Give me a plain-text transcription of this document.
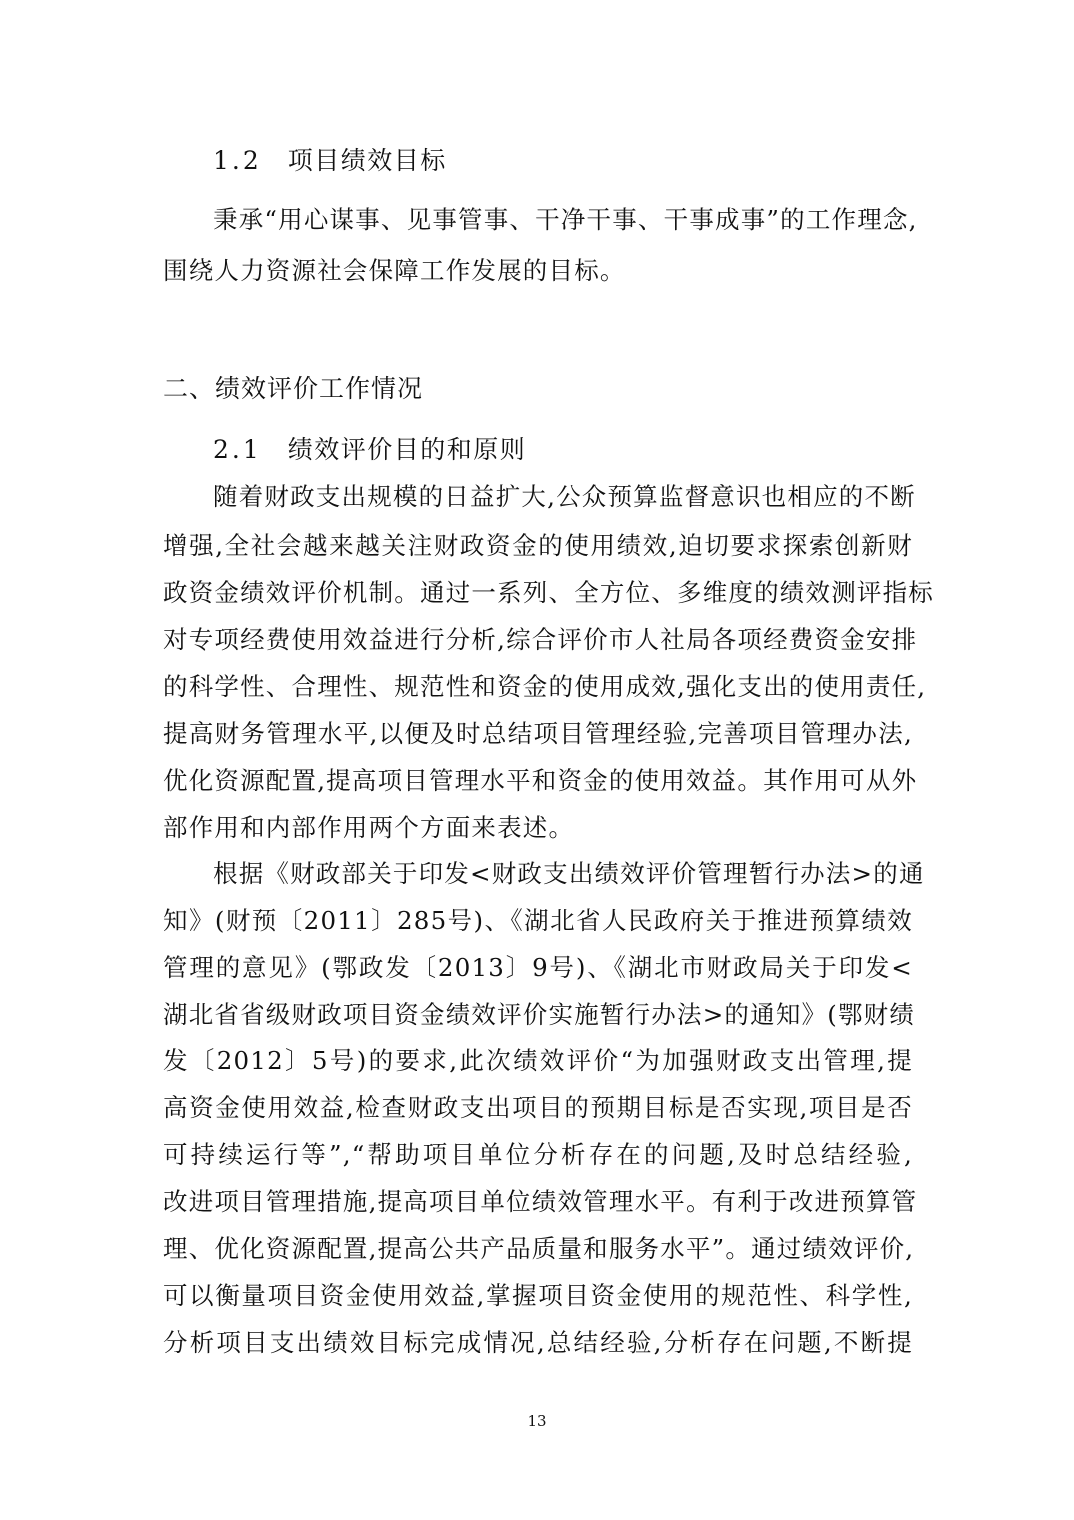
1.2 项目绩效目标
秉承“用心谋事、见事管事、干净干事、干事成事”的工作理念,
围绕人力资源社会保障工作发展的目标。
二、绩效评价工作情况
2.1 绩效评价目的和原则
随着财政支出规模的日益扩大,公众预算监督意识也相应的不断
增强,全社会越来越关注财政资金的使用绩效,迫切要求探索创新财
政资金绩效评价机制。通过一系列、全方位、多维度的绩效测评指标
对专项经费使用效益进行分析,综合评价市人社局各项经费资金安排
的科学性、合理性、规范性和资金的使用成效,强化支出的使用责任,
提高财务管理水平,以便及时总结项目管理经验,完善项目管理办法,
优化资源配置,提高项目管理水平和资金的使用效益。其作用可从外
部作用和内部作用两个方面来表述。
根据《财政部关于印发<财政支出绩效评价管理暂行办法>的通
知》(财预〔2011〕285号)、《湖北省人民政府关于推进预算绩效
管理的意见》(鄂政发〔2013〕9号)、《湖北市财政局关于印发<
湖北省省级财政项目资金绩效评价实施暂行办法>的通知》(鄂财绩
发〔2012〕5号)的要求,此次绩效评价“为加强财政支出管理,提
高资金使用效益,检查财政支出项目的预期目标是否实现,项目是否
可持续运行等”,“帮助项目单位分析存在的问题,及时总结经验,
改进项目管理措施,提高项目单位绩效管理水平。有利于改进预算管
理、优化资源配置,提高公共产品质量和服务水平”。通过绩效评价,
可以衡量项目资金使用效益,掌握项目资金使用的规范性、科学性,
分析项目支出绩效目标完成情况,总结经验,分析存在问题,不断提
13
